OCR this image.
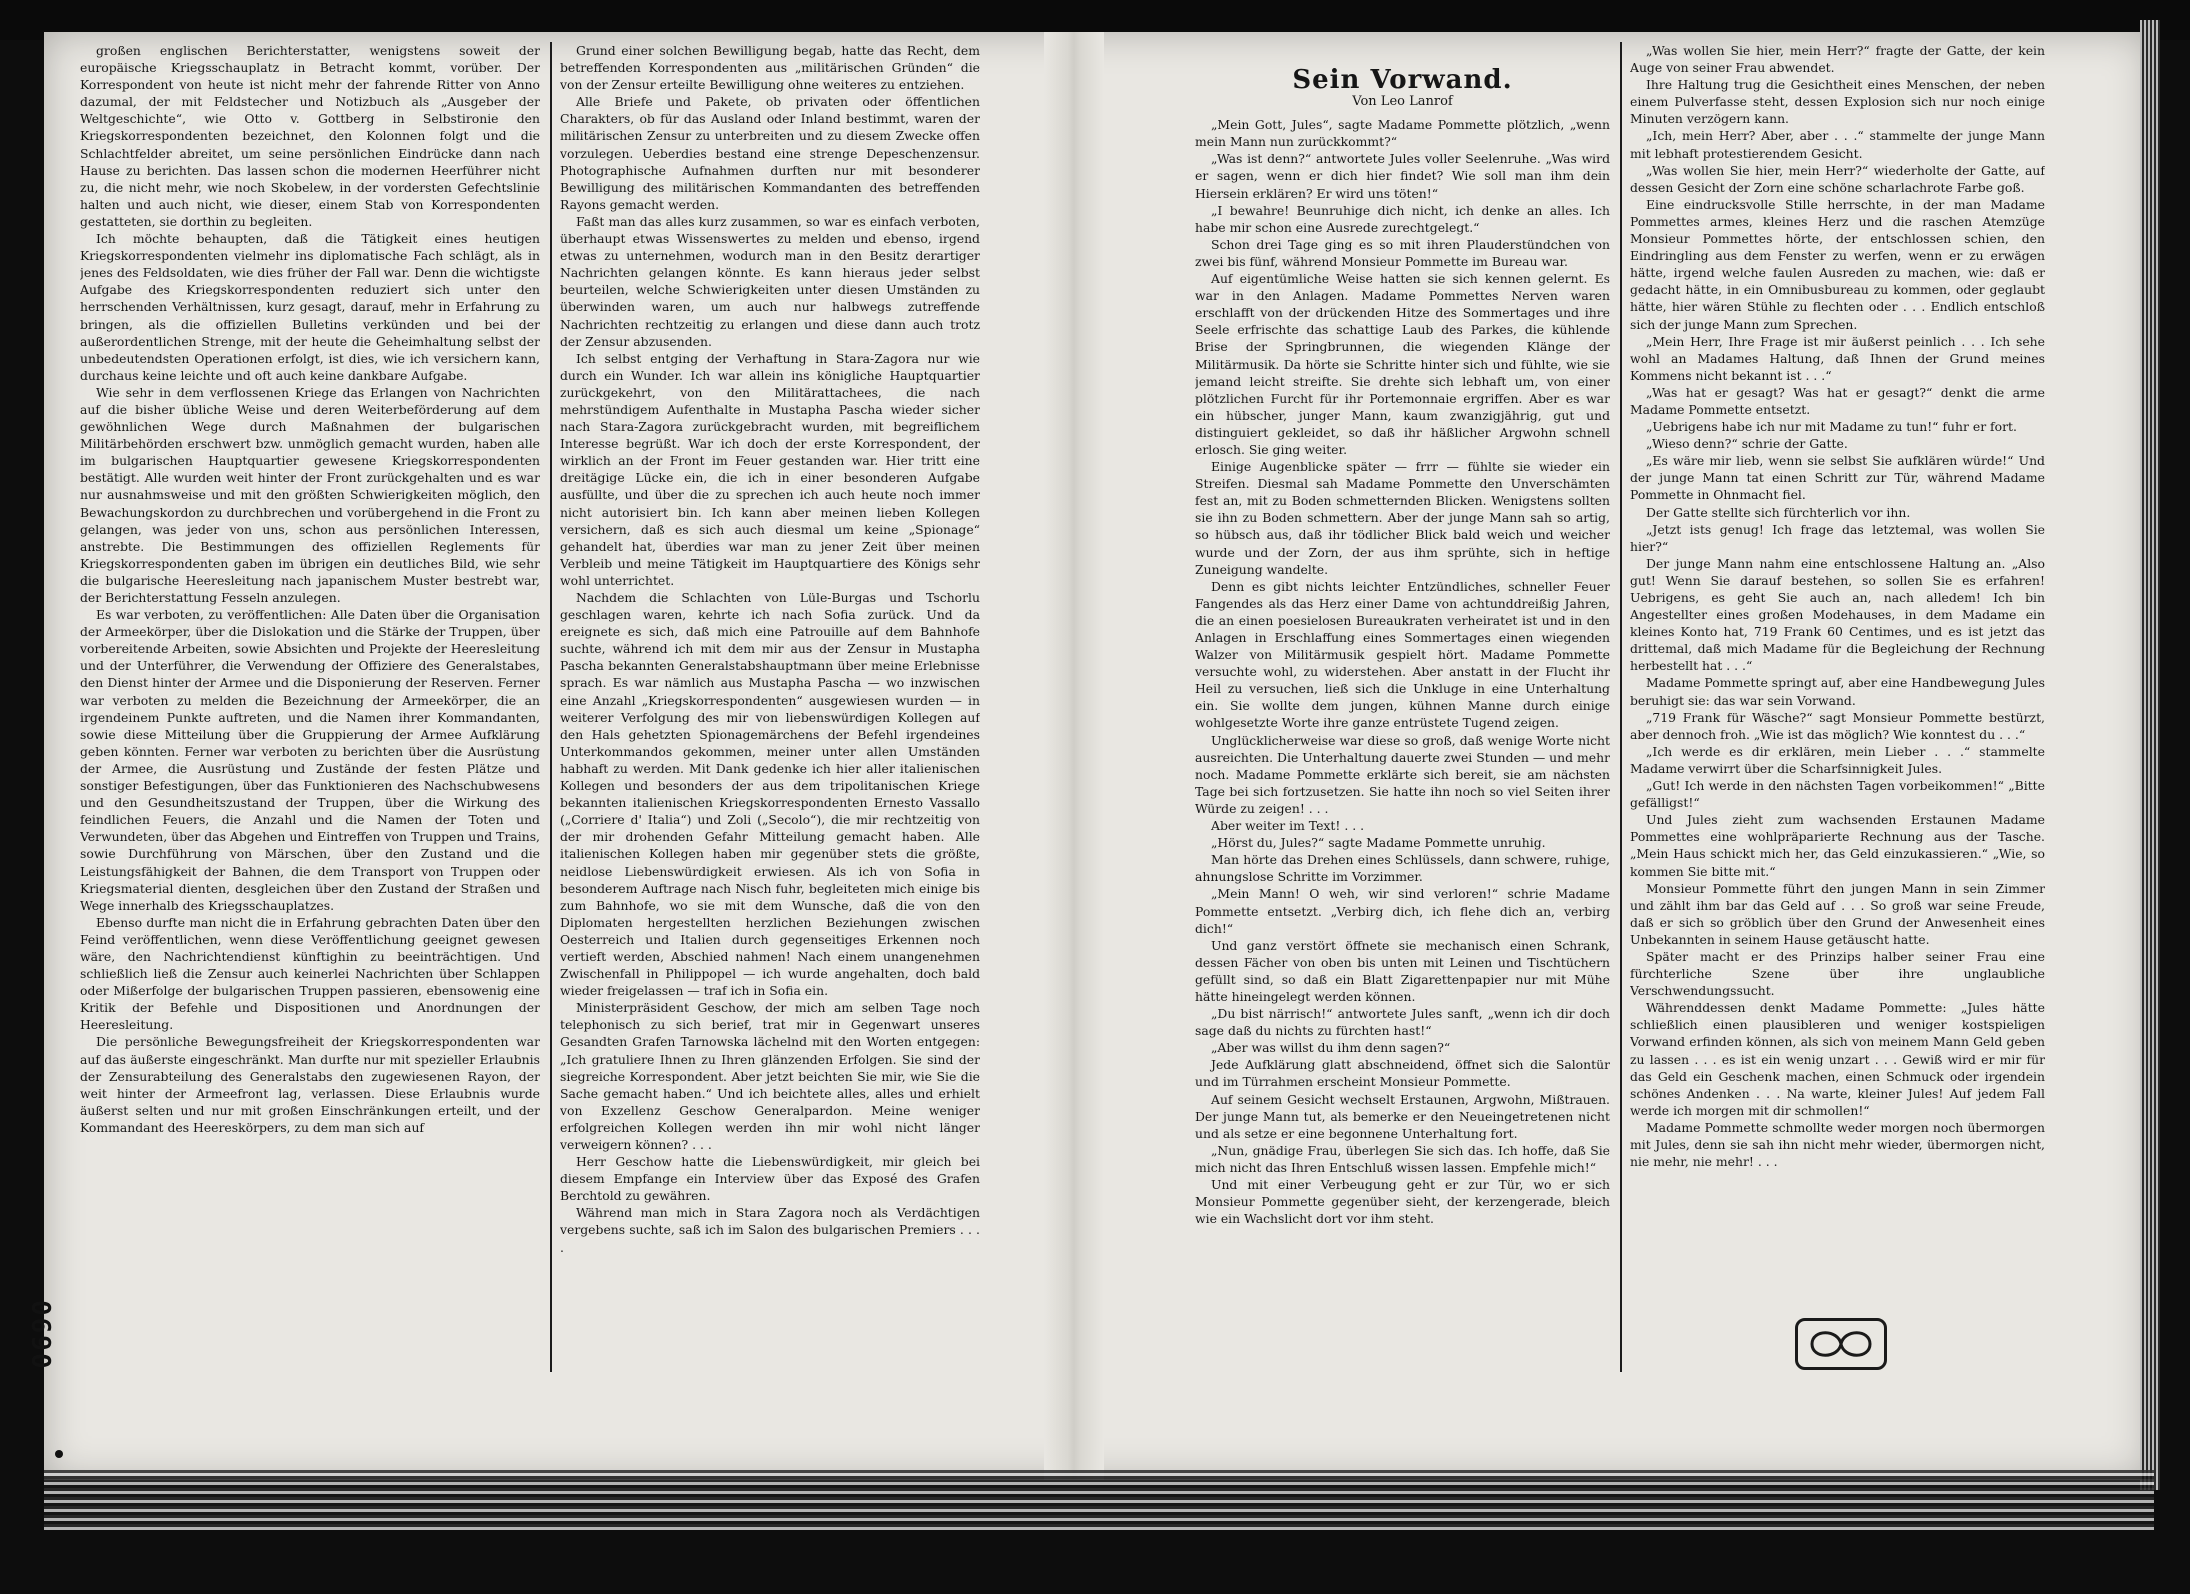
0690

großen englischen Berichterstatter, wenigstens soweit der europäische Kriegsschauplatz in Betracht kommt, vorüber. Der Korrespondent von heute ist nicht mehr der fahrende Ritter von Anno dazumal, der mit Feldstecher und Notizbuch als „Ausgeber der Weltgeschichte“, wie Otto v. Gottberg in Selbstironie den Kriegskorrespondenten bezeichnet, den Kolonnen folgt und die Schlachtfelder abreitet, um seine persönlichen Eindrücke dann nach Hause zu berichten. Das lassen schon die modernen Heerführer nicht zu, die nicht mehr, wie noch Skobelew, in der vordersten Gefechtslinie halten und auch nicht, wie dieser, einem Stab von Korrespondenten gestatteten, sie dorthin zu begleiten.

Ich möchte behaupten, daß die Tätigkeit eines heutigen Kriegskorrespondenten vielmehr ins diplomatische Fach schlägt, als in jenes des Feldsoldaten, wie dies früher der Fall war. Denn die wichtigste Aufgabe des Kriegskorrespondenten reduziert sich unter den herrschenden Verhältnissen, kurz gesagt, darauf, mehr in Erfahrung zu bringen, als die offiziellen Bulletins verkünden und bei der außerordentlichen Strenge, mit der heute die Geheimhaltung selbst der unbedeutendsten Operationen erfolgt, ist dies, wie ich versichern kann, durchaus keine leichte und oft auch keine dankbare Aufgabe.

Wie sehr in dem verflossenen Kriege das Erlangen von Nachrichten auf die bisher übliche Weise und deren Weiterbeförderung auf dem gewöhnlichen Wege durch Maßnahmen der bulgarischen Militärbehörden erschwert bzw. unmöglich gemacht wurden, haben alle im bulgarischen Hauptquartier gewesene Kriegskorrespondenten bestätigt. Alle wurden weit hinter der Front zurückgehalten und es war nur ausnahmsweise und mit den größten Schwierigkeiten möglich, den Bewachungskordon zu durchbrechen und vorübergehend in die Front zu gelangen, was jeder von uns, schon aus persönlichen Interessen, anstrebte. Die Bestimmungen des offiziellen Reglements für Kriegskorrespondenten gaben im übrigen ein deutliches Bild, wie sehr die bulgarische Heeresleitung nach japanischem Muster bestrebt war, der Berichterstattung Fesseln anzulegen.

Es war verboten, zu veröffentlichen: Alle Daten über die Organisation der Armeekörper, über die Dislokation und die Stärke der Truppen, über vorbereitende Arbeiten, sowie Absichten und Projekte der Heeresleitung und der Unterführer, die Verwendung der Offiziere des Generalstabes, den Dienst hinter der Armee und die Disponierung der Reserven. Ferner war verboten zu melden die Bezeichnung der Armeekörper, die an irgendeinem Punkte auftreten, und die Namen ihrer Kommandanten, sowie diese Mitteilung über die Gruppierung der Armee Aufklärung geben könnten. Ferner war verboten zu berichten über die Ausrüstung der Armee, die Ausrüstung und Zustände der festen Plätze und sonstiger Befestigungen, über das Funktionieren des Nachschubwesens und den Gesundheitszustand der Truppen, über die Wirkung des feindlichen Feuers, die Anzahl und die Namen der Toten und Verwundeten, über das Abgehen und Eintreffen von Truppen und Trains, sowie Durchführung von Märschen, über den Zustand und die Leistungsfähigkeit der Bahnen, die dem Transport von Truppen oder Kriegsmaterial dienten, desgleichen über den Zustand der Straßen und Wege innerhalb des Kriegsschauplatzes.

Ebenso durfte man nicht die in Erfahrung gebrachten Daten über den Feind veröffentlichen, wenn diese Veröffentlichung geeignet gewesen wäre, den Nachrichtendienst künftighin zu beeinträchtigen. Und schließlich ließ die Zensur auch keinerlei Nachrichten über Schlappen oder Mißerfolge der bulgarischen Truppen passieren, ebensowenig eine Kritik der Befehle und Dispositionen und Anordnungen der Heeresleitung.

Die persönliche Bewegungsfreiheit der Kriegskorrespondenten war auf das äußerste eingeschränkt. Man durfte nur mit spezieller Erlaubnis der Zensurabteilung des Generalstabs den zugewiesenen Rayon, der weit hinter der Armeefront lag, verlassen. Diese Erlaubnis wurde äußerst selten und nur mit großen Einschränkungen erteilt, und der Kommandant des Heereskörpers, zu dem man sich auf

Grund einer solchen Bewilligung begab, hatte das Recht, dem betreffenden Korrespondenten aus „militärischen Gründen“ die von der Zensur erteilte Bewilligung ohne weiteres zu entziehen.

Alle Briefe und Pakete, ob privaten oder öffentlichen Charakters, ob für das Ausland oder Inland bestimmt, waren der militärischen Zensur zu unterbreiten und zu diesem Zwecke offen vorzulegen. Ueberdies bestand eine strenge Depeschenzensur. Photographische Aufnahmen durften nur mit besonderer Bewilligung des militärischen Kommandanten des betreffenden Rayons gemacht werden.

Faßt man das alles kurz zusammen, so war es einfach verboten, überhaupt etwas Wissenswertes zu melden und ebenso, irgend etwas zu unternehmen, wodurch man in den Besitz derartiger Nachrichten gelangen könnte. Es kann hieraus jeder selbst beurteilen, welche Schwierigkeiten unter diesen Umständen zu überwinden waren, um auch nur halbwegs zutreffende Nachrichten rechtzeitig zu erlangen und diese dann auch trotz der Zensur abzusenden.

Ich selbst entging der Verhaftung in Stara-Zagora nur wie durch ein Wunder. Ich war allein ins königliche Hauptquartier zurückgekehrt, von den Militärattachees, die nach mehrstündigem Aufenthalte in Mustapha Pascha wieder sicher nach Stara-Zagora zurückgebracht wurden, mit begreiflichem Interesse begrüßt. War ich doch der erste Korrespondent, der wirklich an der Front im Feuer gestanden war. Hier tritt eine dreitägige Lücke ein, die ich in einer besonderen Aufgabe ausfüllte, und über die zu sprechen ich auch heute noch immer nicht autorisiert bin. Ich kann aber meinen lieben Kollegen versichern, daß es sich auch diesmal um keine „Spionage“ gehandelt hat, überdies war man zu jener Zeit über meinen Verbleib und meine Tätigkeit im Hauptquartiere des Königs sehr wohl unterrichtet.

Nachdem die Schlachten von Lüle-Burgas und Tschorlu geschlagen waren, kehrte ich nach Sofia zurück. Und da ereignete es sich, daß mich eine Patrouille auf dem Bahnhofe suchte, während ich mit dem mir aus der Zensur in Mustapha Pascha bekannten Generalstabshauptmann über meine Erlebnisse sprach. Es war nämlich aus Mustapha Pascha — wo inzwischen eine Anzahl „Kriegskorrespondenten“ ausgewiesen wurden — in weiterer Verfolgung des mir von liebenswürdigen Kollegen auf den Hals gehetzten Spionagemärchens der Befehl irgendeines Unterkommandos gekommen, meiner unter allen Umständen habhaft zu werden. Mit Dank gedenke ich hier aller italienischen Kollegen und besonders der aus dem tripolitanischen Kriege bekannten italienischen Kriegskorrespondenten Ernesto Vassallo („Corriere d' Italia“) und Zoli („Secolo“), die mir rechtzeitig von der mir drohenden Gefahr Mitteilung gemacht haben. Alle italienischen Kollegen haben mir gegenüber stets die größte, neidlose Liebenswürdigkeit erwiesen. Als ich von Sofia in besonderem Auftrage nach Nisch fuhr, begleiteten mich einige bis zum Bahnhofe, wo sie mit dem Wunsche, daß die von den Diplomaten hergestellten herzlichen Beziehungen zwischen Oesterreich und Italien durch gegenseitiges Erkennen noch vertieft werden, Abschied nahmen! Nach einem unangenehmen Zwischenfall in Philippopel — ich wurde angehalten, doch bald wieder freigelassen — traf ich in Sofia ein.

Ministerpräsident Geschow, der mich am selben Tage noch telephonisch zu sich berief, trat mir in Gegenwart unseres Gesandten Grafen Tarnowska lächelnd mit den Worten entgegen: „Ich gratuliere Ihnen zu Ihren glänzenden Erfolgen. Sie sind der siegreiche Korrespondent. Aber jetzt beichten Sie mir, wie Sie die Sache gemacht haben.“ Und ich beichtete alles, alles und erhielt von Exzellenz Geschow Generalpardon. Meine weniger erfolgreichen Kollegen werden ihn mir wohl nicht länger verweigern können? . . .

Herr Geschow hatte die Liebenswürdigkeit, mir gleich bei diesem Empfange ein Interview über das Exposé des Grafen Berchtold zu gewähren.

Während man mich in Stara Zagora noch als Verdächtigen vergebens suchte, saß ich im Salon des bulgarischen Premiers . . . .

Sein Vorwand.
Von Leo Lanrof

„Mein Gott, Jules“, sagte Madame Pommette plötzlich, „wenn mein Mann nun zurückkommt?“

„Was ist denn?“ antwortete Jules voller Seelenruhe. „Was wird er sagen, wenn er dich hier findet? Wie soll man ihm dein Hiersein erklären? Er wird uns töten!“

„I bewahre! Beunruhige dich nicht, ich denke an alles. Ich habe mir schon eine Ausrede zurechtgelegt.“

Schon drei Tage ging es so mit ihren Plauderstündchen von zwei bis fünf, während Monsieur Pommette im Bureau war.

Auf eigentümliche Weise hatten sie sich kennen gelernt. Es war in den Anlagen. Madame Pommettes Nerven waren erschlafft von der drückenden Hitze des Sommertages und ihre Seele erfrischte das schattige Laub des Parkes, die kühlende Brise der Springbrunnen, die wiegenden Klänge der Militärmusik. Da hörte sie Schritte hinter sich und fühlte, wie sie jemand leicht streifte. Sie drehte sich lebhaft um, von einer plötzlichen Furcht für ihr Portemonnaie ergriffen. Aber es war ein hübscher, junger Mann, kaum zwanzigjährig, gut und distinguiert gekleidet, so daß ihr häßlicher Argwohn schnell erlosch. Sie ging weiter.

Einige Augenblicke später — frrr — fühlte sie wieder ein Streifen. Diesmal sah Madame Pommette den Unverschämten fest an, mit zu Boden schmetternden Blicken. Wenigstens sollten sie ihn zu Boden schmettern. Aber der junge Mann sah so artig, so hübsch aus, daß ihr tödlicher Blick bald weich und weicher wurde und der Zorn, der aus ihm sprühte, sich in heftige Zuneigung wandelte.

Denn es gibt nichts leichter Entzündliches, schneller Feuer Fangendes als das Herz einer Dame von achtunddreißig Jahren, die an einen poesielosen Bureaukraten verheiratet ist und in den Anlagen in Erschlaffung eines Sommertages einen wiegenden Walzer von Militärmusik gespielt hört. Madame Pommette versuchte wohl, zu widerstehen. Aber anstatt in der Flucht ihr Heil zu versuchen, ließ sich die Unkluge in eine Unterhaltung ein. Sie wollte dem jungen, kühnen Manne durch einige wohlgesetzte Worte ihre ganze entrüstete Tugend zeigen.

Unglücklicherweise war diese so groß, daß wenige Worte nicht ausreichten. Die Unterhaltung dauerte zwei Stunden — und mehr noch. Madame Pommette erklärte sich bereit, sie am nächsten Tage bei sich fortzusetzen. Sie hatte ihn noch so viel Seiten ihrer Würde zu zeigen! . . .

Aber weiter im Text! . . .

„Hörst du, Jules?“ sagte Madame Pommette unruhig.

Man hörte das Drehen eines Schlüssels, dann schwere, ruhige, ahnungslose Schritte im Vorzimmer.

„Mein Mann! O weh, wir sind verloren!“ schrie Madame Pommette entsetzt. „Verbirg dich, ich flehe dich an, verbirg dich!“

Und ganz verstört öffnete sie mechanisch einen Schrank, dessen Fächer von oben bis unten mit Leinen und Tischtüchern gefüllt sind, so daß ein Blatt Zigarettenpapier nur mit Mühe hätte hineingelegt werden können.

„Du bist närrisch!“ antwortete Jules sanft, „wenn ich dir doch sage daß du nichts zu fürchten hast!“

„Aber was willst du ihm denn sagen?“

Jede Aufklärung glatt abschneidend, öffnet sich die Salontür und im Türrahmen erscheint Monsieur Pommette.

Auf seinem Gesicht wechselt Erstaunen, Argwohn, Mißtrauen. Der junge Mann tut, als bemerke er den Neueingetretenen nicht und als setze er eine begonnene Unterhaltung fort.

„Nun, gnädige Frau, überlegen Sie sich das. Ich hoffe, daß Sie mich nicht das Ihren Entschluß wissen lassen. Empfehle mich!“

Und mit einer Verbeugung geht er zur Tür, wo er sich Monsieur Pommette gegenüber sieht, der kerzengerade, bleich wie ein Wachslicht dort vor ihm steht.

„Was wollen Sie hier, mein Herr?“ fragte der Gatte, der kein Auge von seiner Frau abwendet.

Ihre Haltung trug die Gesichtheit eines Menschen, der neben einem Pulverfasse steht, dessen Explosion sich nur noch einige Minuten verzögern kann.

„Ich, mein Herr? Aber, aber . . .“ stammelte der junge Mann mit lebhaft protestierendem Gesicht.

„Was wollen Sie hier, mein Herr?“ wiederholte der Gatte, auf dessen Gesicht der Zorn eine schöne scharlachrote Farbe goß.

Eine eindrucksvolle Stille herrschte, in der man Madame Pommettes armes, kleines Herz und die raschen Atemzüge Monsieur Pommettes hörte, der entschlossen schien, den Eindringling aus dem Fenster zu werfen, wenn er zu erwägen hätte, irgend welche faulen Ausreden zu machen, wie: daß er gedacht hätte, in ein Omnibusbureau zu kommen, oder geglaubt hätte, hier wären Stühle zu flechten oder . . . Endlich entschloß sich der junge Mann zum Sprechen.

„Mein Herr, Ihre Frage ist mir äußerst peinlich . . . Ich sehe wohl an Madames Haltung, daß Ihnen der Grund meines Kommens nicht bekannt ist . . .“

„Was hat er gesagt? Was hat er gesagt?“ denkt die arme Madame Pommette entsetzt.

„Uebrigens habe ich nur mit Madame zu tun!“ fuhr er fort.

„Wieso denn?“ schrie der Gatte.

„Es wäre mir lieb, wenn sie selbst Sie aufklären würde!“ Und der junge Mann tat einen Schritt zur Tür, während Madame Pommette in Ohnmacht fiel.

Der Gatte stellte sich fürchterlich vor ihn.

„Jetzt ists genug! Ich frage das letztemal, was wollen Sie hier?“

Der junge Mann nahm eine entschlossene Haltung an. „Also gut! Wenn Sie darauf bestehen, so sollen Sie es erfahren! Uebrigens, es geht Sie auch an, nach alledem! Ich bin Angestellter eines großen Modehauses, in dem Madame ein kleines Konto hat, 719 Frank 60 Centimes, und es ist jetzt das drittemal, daß mich Madame für die Begleichung der Rechnung herbestellt hat . . .“

Madame Pommette springt auf, aber eine Handbewegung Jules beruhigt sie: das war sein Vorwand.

„719 Frank für Wäsche?“ sagt Monsieur Pommette bestürzt, aber dennoch froh. „Wie ist das möglich? Wie konntest du . . .“

„Ich werde es dir erklären, mein Lieber . . .“ stammelte Madame verwirrt über die Scharfsinnigkeit Jules.

„Gut! Ich werde in den nächsten Tagen vorbeikommen!“ „Bitte gefälligst!“

Und Jules zieht zum wachsenden Erstaunen Madame Pommettes eine wohlpräparierte Rechnung aus der Tasche. „Mein Haus schickt mich her, das Geld einzukassieren.“ „Wie, so kommen Sie bitte mit.“

Monsieur Pommette führt den jungen Mann in sein Zimmer und zählt ihm bar das Geld auf . . . So groß war seine Freude, daß er sich so gröblich über den Grund der Anwesenheit eines Unbekannten in seinem Hause getäuscht hatte.

Später macht er des Prinzips halber seiner Frau eine fürchterliche Szene über ihre unglaubliche Verschwendungssucht.

Währenddessen denkt Madame Pommette: „Jules hätte schließlich einen plausibleren und weniger kostspieligen Vorwand erfinden können, als sich von meinem Mann Geld geben zu lassen . . . es ist ein wenig unzart . . . Gewiß wird er mir für das Geld ein Geschenk machen, einen Schmuck oder irgendein schönes Andenken . . . Na warte, kleiner Jules! Auf jedem Fall werde ich morgen mit dir schmollen!“

Madame Pommette schmollte weder morgen noch übermorgen mit Jules, denn sie sah ihn nicht mehr wieder, übermorgen nicht, nie mehr, nie mehr! . . .
